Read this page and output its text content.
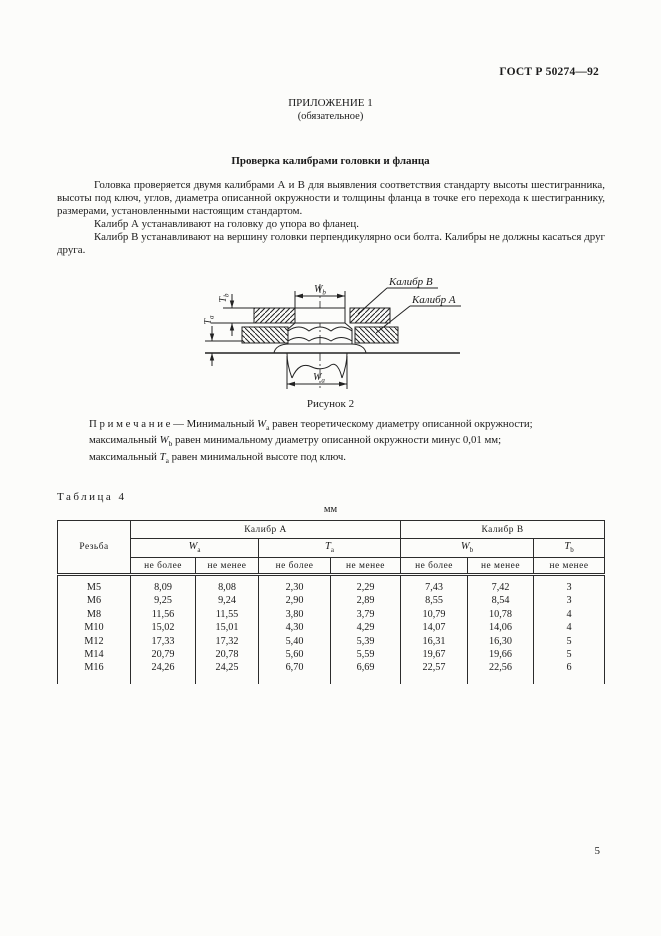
ГОСТ Р 50274—92
ПРИЛОЖЕНИЕ 1
(обязательное)
Проверка калибрами головки и фланца

Головка проверяется двумя калибрами А и В для выявления соответствия стандарту высоты шестигранника, высоты под ключ, углов, диаметра описанной окружности и толщины фланца в точке его перехода к шестиграннику, размерами, установленными настоящим стандартом.

Калибр А устанавливают на головку до упора во фланец.

Калибр В устанавливают на вершину головки перпендикулярно оси болта. Калибры не должны касаться друг друга.

$W_b$
$W_a$
$T_b$
$T_a$
Калибр В
Калибр А
Рисунок 2
П р и м е ч а н и е — Минимальный $W_a$ равен теоретическому диаметру описанной окружности;
максимальный $W_b$ равен минимальному диаметру описанной окружности минус 0,01 мм;
максимальный $T_a$ равен минимальной высоте под ключ.
Таблица 4
мм
Резьба	Калибр А				Калибр В		
	$W_a$		$T_a$		$W_b$		$T_b$
	не более	не менее	не более	не менее	не более	не менее	не менее
М5	8,09	8,08	2,30	2,29	7,43	7,42	3
М6	9,25	9,24	2,90	2,89	8,55	8,54	3
М8	11,56	11,55	3,80	3,79	10,79	10,78	4
М10	15,02	15,01	4,30	4,29	14,07	14,06	4
М12	17,33	17,32	5,40	5,39	16,31	16,30	5
М14	20,79	20,78	5,60	5,59	19,67	19,66	5
М16	24,26	24,25	6,70	6,69	22,57	22,56	6
5
